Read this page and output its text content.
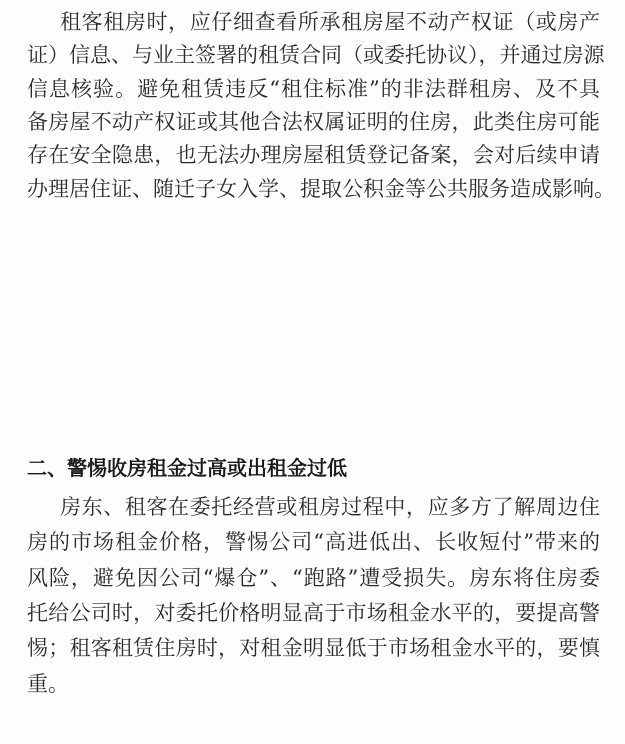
租客租房时，应仔细查看所承租房屋不动产权证（或房产
证）信息、与业主签署的租赁合同（或委托协议），并通过房源
信息核验。避免租赁违反“租住标准”的非法群租房、及不具
备房屋不动产权证或其他合法权属证明的住房，此类住房可能
存在安全隐患，也无法办理房屋租赁登记备案，会对后续申请
办理居住证、随迁子女入学、提取公积金等公共服务造成影响。
二、警惕收房租金过高或出租金过低
房东、租客在委托经营或租房过程中，应多方了解周边住
房的市场租金价格，警惕公司“高进低出、长收短付”带来的
风险，避免因公司“爆仓”、“跑路”遭受损失。房东将住房委
托给公司时，对委托价格明显高于市场租金水平的，要提高警
惕；租客租赁住房时，对租金明显低于市场租金水平的，要慎
重。
